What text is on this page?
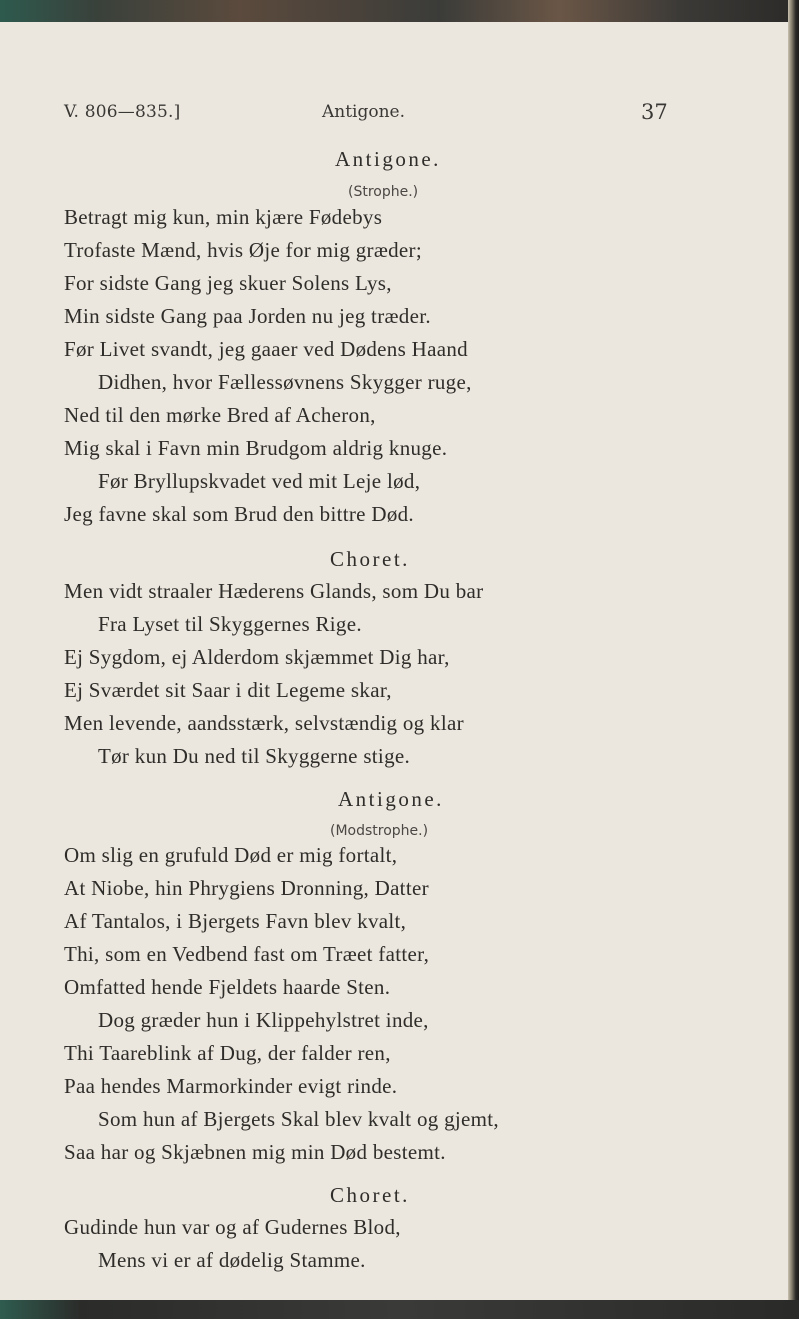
V. 806—835.]	Antigone.	37
Antigone.
(Strophe.)
Betragt mig kun, min kjære Fødebys
Trofaste Mænd, hvis Øje for mig græder;
For sidste Gang jeg skuer Solens Lys,
Min sidste Gang paa Jorden nu jeg træder.
Før Livet svandt, jeg gaaer ved Dødens Haand
Didhen, hvor Fællessøvnens Skygger ruge,
Ned til den mørke Bred af Acheron,
Mig skal i Favn min Brudgom aldrig knuge.
Før Bryllupskvadet ved mit Leje lød,
Jeg favne skal som Brud den bittre Død.
Choret.
Men vidt straaler Hæderens Glands, som Du bar
Fra Lyset til Skyggernes Rige.
Ej Sygdom, ej Alderdom skjæmmet Dig har,
Ej Sværdet sit Saar i dit Legeme skar,
Men levende, aandsstærk, selvstændig og klar
Tør kun Du ned til Skyggerne stige.
Antigone.
(Modstrophe.)
Om slig en grufuld Død er mig fortalt,
At Niobe, hin Phrygiens Dronning, Datter
Af Tantalos, i Bjergets Favn blev kvalt,
Thi, som en Vedbend fast om Træet fatter,
Omfatted hende Fjeldets haarde Sten.
Dog græder hun i Klippehylstret inde,
Thi Taareblink af Dug, der falder ren,
Paa hendes Marmorkinder evigt rinde.
Som hun af Bjergets Skal blev kvalt og gjemt,
Saa har og Skjæbnen mig min Død bestemt.
Choret.
Gudinde hun var og af Gudernes Blod,
Mens vi er af dødelig Stamme.
